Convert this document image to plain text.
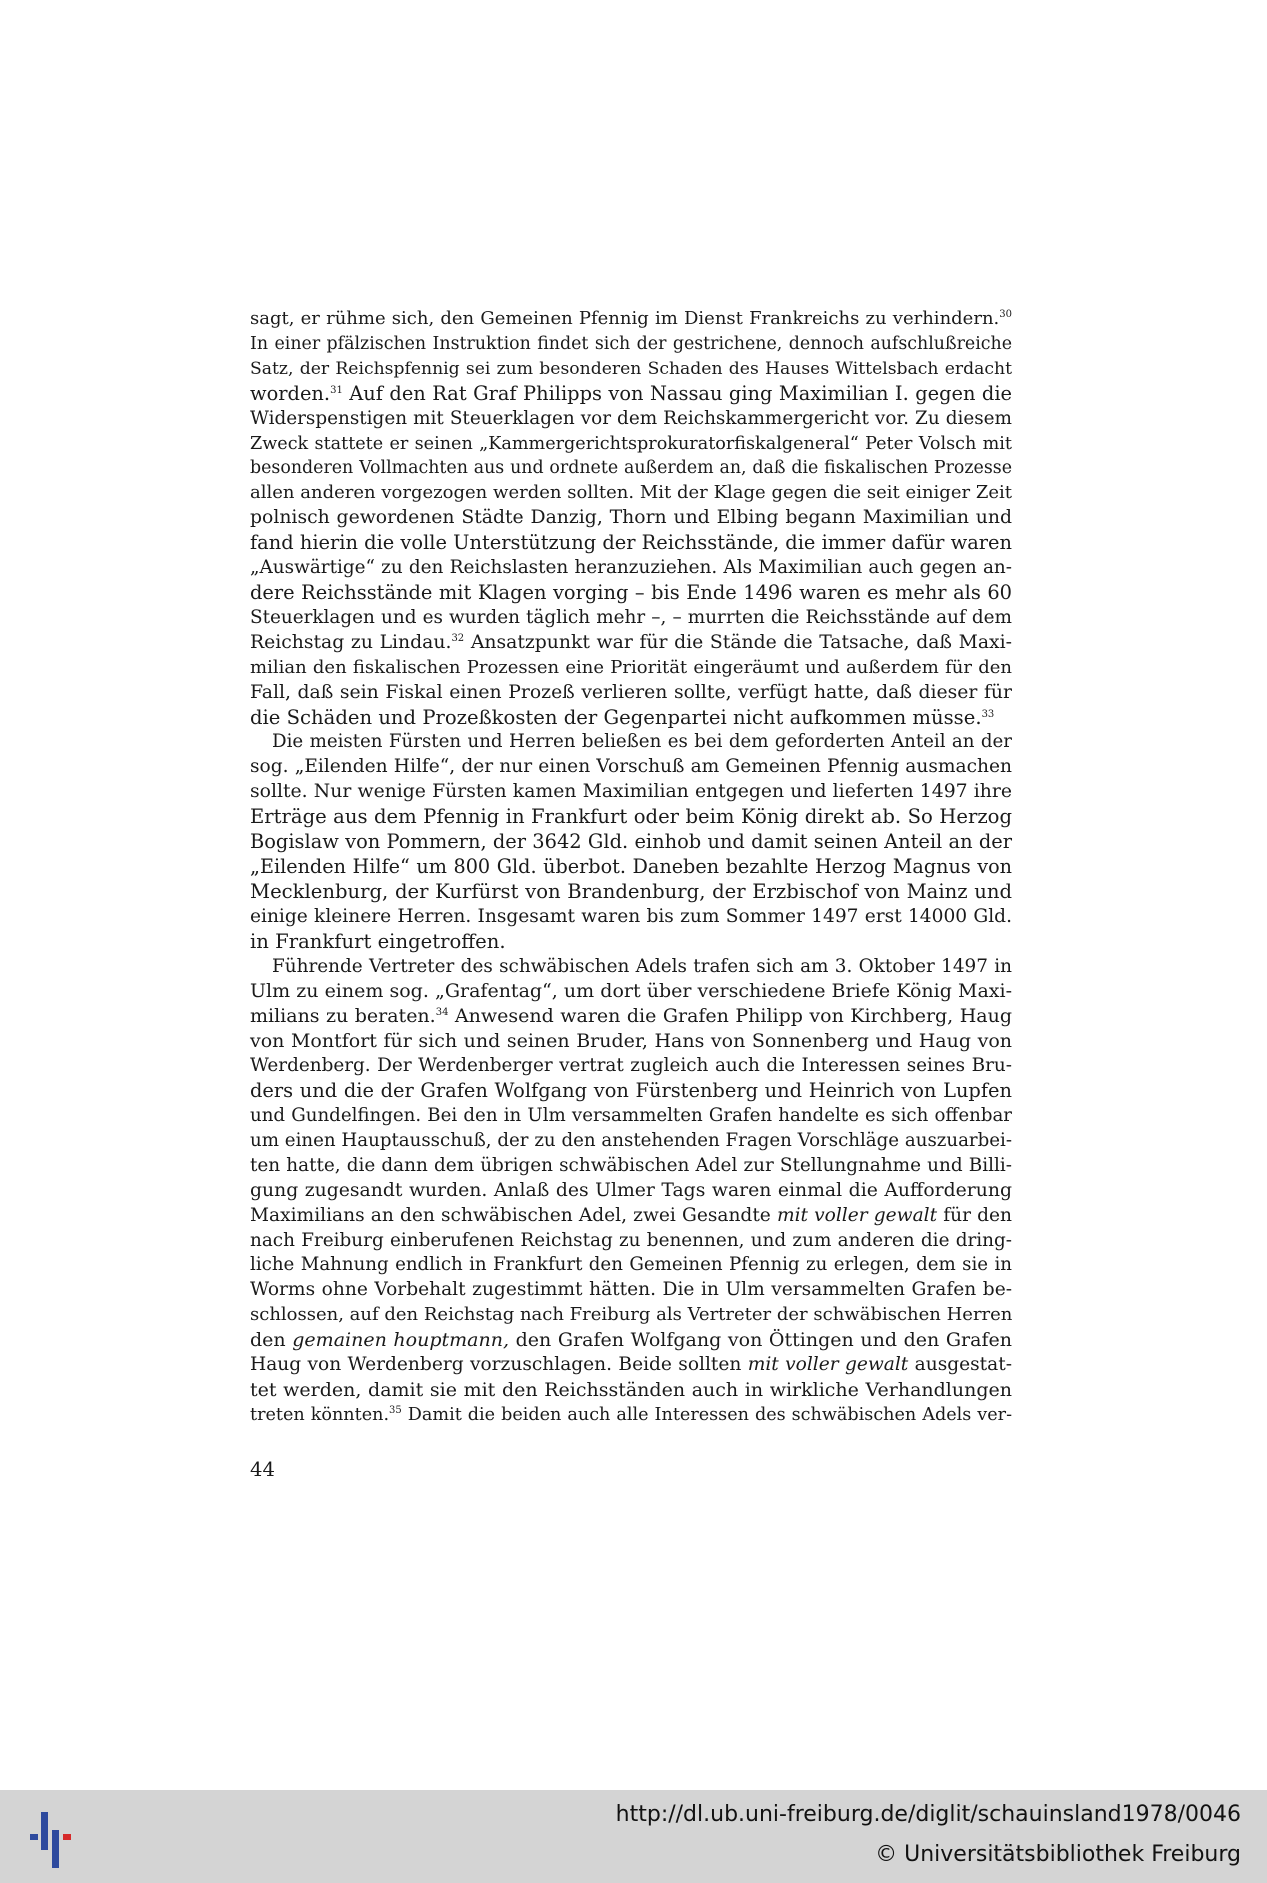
sagt, er rühme sich, den Gemeinen Pfennig im Dienst Frankreichs zu verhindern.$^{30}$
In einer pfälzischen Instruktion findet sich der gestrichene, dennoch aufschlußreiche
Satz, der Reichspfennig sei zum besonderen Schaden des Hauses Wittelsbach erdacht
worden.$^{31}$ Auf den Rat Graf Philipps von Nassau ging Maximilian I. gegen die
Widerspenstigen mit Steuerklagen vor dem Reichskammergericht vor. Zu diesem
Zweck stattete er seinen „Kammergerichtsprokuratorfiskalgeneral“ Peter Volsch mit
besonderen Vollmachten aus und ordnete außerdem an, daß die fiskalischen Prozesse
allen anderen vorgezogen werden sollten. Mit der Klage gegen die seit einiger Zeit
polnisch gewordenen Städte Danzig, Thorn und Elbing begann Maximilian und
fand hierin die volle Unterstützung der Reichsstände, die immer dafür waren
„Auswärtige“ zu den Reichslasten heranzuziehen. Als Maximilian auch gegen an-
dere Reichsstände mit Klagen vorging – bis Ende 1496 waren es mehr als 60
Steuerklagen und es wurden täglich mehr –, – murrten die Reichsstände auf dem
Reichstag zu Lindau.$^{32}$ Ansatzpunkt war für die Stände die Tatsache, daß Maxi-
milian den fiskalischen Prozessen eine Priorität eingeräumt und außerdem für den
Fall, daß sein Fiskal einen Prozeß verlieren sollte, verfügt hatte, daß dieser für
die Schäden und Prozeßkosten der Gegenpartei nicht aufkommen müsse.$^{33}$
Die meisten Fürsten und Herren beließen es bei dem geforderten Anteil an der
sog. „Eilenden Hilfe“, der nur einen Vorschuß am Gemeinen Pfennig ausmachen
sollte. Nur wenige Fürsten kamen Maximilian entgegen und lieferten 1497 ihre
Erträge aus dem Pfennig in Frankfurt oder beim König direkt ab. So Herzog
Bogislaw von Pommern, der 3642 Gld. einhob und damit seinen Anteil an der
„Eilenden Hilfe“ um 800 Gld. überbot. Daneben bezahlte Herzog Magnus von
Mecklenburg, der Kurfürst von Brandenburg, der Erzbischof von Mainz und
einige kleinere Herren. Insgesamt waren bis zum Sommer 1497 erst 14000 Gld.
in Frankfurt eingetroffen.
Führende Vertreter des schwäbischen Adels trafen sich am 3. Oktober 1497 in
Ulm zu einem sog. „Grafentag“, um dort über verschiedene Briefe König Maxi-
milians zu beraten.$^{34}$ Anwesend waren die Grafen Philipp von Kirchberg, Haug
von Montfort für sich und seinen Bruder, Hans von Sonnenberg und Haug von
Werdenberg. Der Werdenberger vertrat zugleich auch die Interessen seines Bru-
ders und die der Grafen Wolfgang von Fürstenberg und Heinrich von Lupfen
und Gundelfingen. Bei den in Ulm versammelten Grafen handelte es sich offenbar
um einen Hauptausschuß, der zu den anstehenden Fragen Vorschläge auszuarbei-
ten hatte, die dann dem übrigen schwäbischen Adel zur Stellungnahme und Billi-
gung zugesandt wurden. Anlaß des Ulmer Tags waren einmal die Aufforderung
Maximilians an den schwäbischen Adel, zwei Gesandte mit voller gewalt für den
nach Freiburg einberufenen Reichstag zu benennen, und zum anderen die dring-
liche Mahnung endlich in Frankfurt den Gemeinen Pfennig zu erlegen, dem sie in
Worms ohne Vorbehalt zugestimmt hätten. Die in Ulm versammelten Grafen be-
schlossen, auf den Reichstag nach Freiburg als Vertreter der schwäbischen Herren
den gemainen houptmann, den Grafen Wolfgang von Öttingen und den Grafen
Haug von Werdenberg vorzuschlagen. Beide sollten mit voller gewalt ausgestat-
tet werden, damit sie mit den Reichsständen auch in wirkliche Verhandlungen
treten könnten.$^{35}$ Damit die beiden auch alle Interessen des schwäbischen Adels ver-
44
http://dl.ub.uni-freiburg.de/diglit/schauinsland1978/0046
© Universitätsbibliothek Freiburg
